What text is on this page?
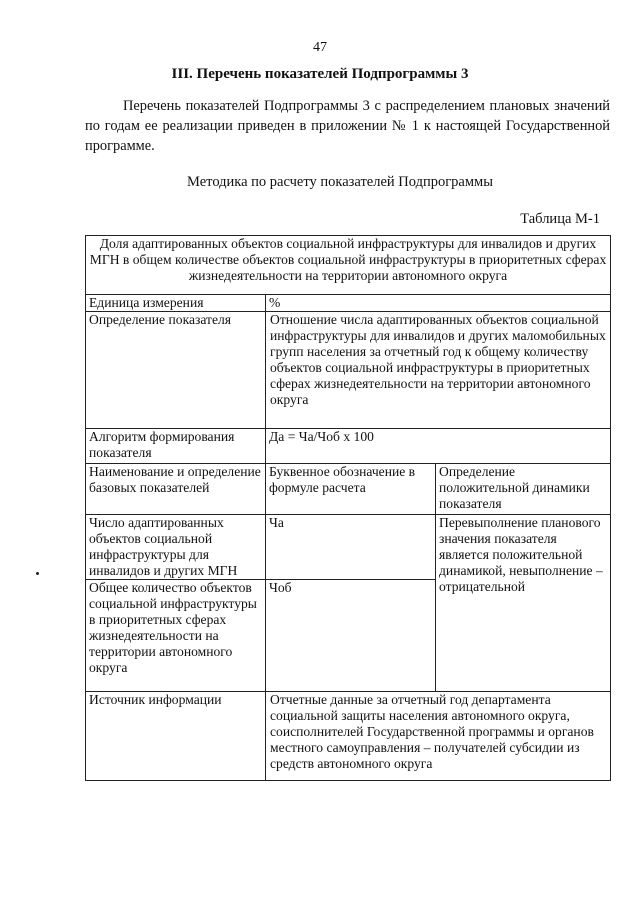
47
III. Перечень показателей Подпрограммы 3

Перечень показателей Подпрограммы 3 с распределением плановых значений по годам ее реализации приведен в приложении № 1 к настоящей Государственной программе.

Методика по расчету показателей Подпрограммы
Таблица М-1
Доля адаптированных объектов социальной инфраструктуры для инвалидов и других МГН в общем количестве объектов социальной инфраструктуры в приоритетных сферах жизнедеятельности на территории автономного округа		
Единица измерения	%	
Определение показателя	Отношение числа адаптированных объектов социальной инфраструктуры для инвалидов и других маломобильных групп населения за отчетный год к общему количеству объектов социальной инфраструктуры в приоритетных сферах жизнедеятельности на территории автономного округа	
Алгоритм формирования показателя	Да = Ча/Чоб х 100	
Наименование и определение базовых показателей	Буквенное обозначение в формуле расчета	Определение положительной динамики показателя
Число адаптированных объектов социальной инфраструктуры для инвалидов и других МГН	Ча	Перевыполнение планового значения показателя является положительной динамикой, невыполнение – отрицательной
Общее количество объектов социальной инфраструктуры в приоритетных сферах жизнедеятельности на территории автономного округа	Чоб	
Источник информации	Отчетные данные за отчетный год департамента социальной защиты населения автономного округа, соисполнителей Государственной программы и органов местного самоуправления – получателей субсидии из средств автономного округа	
